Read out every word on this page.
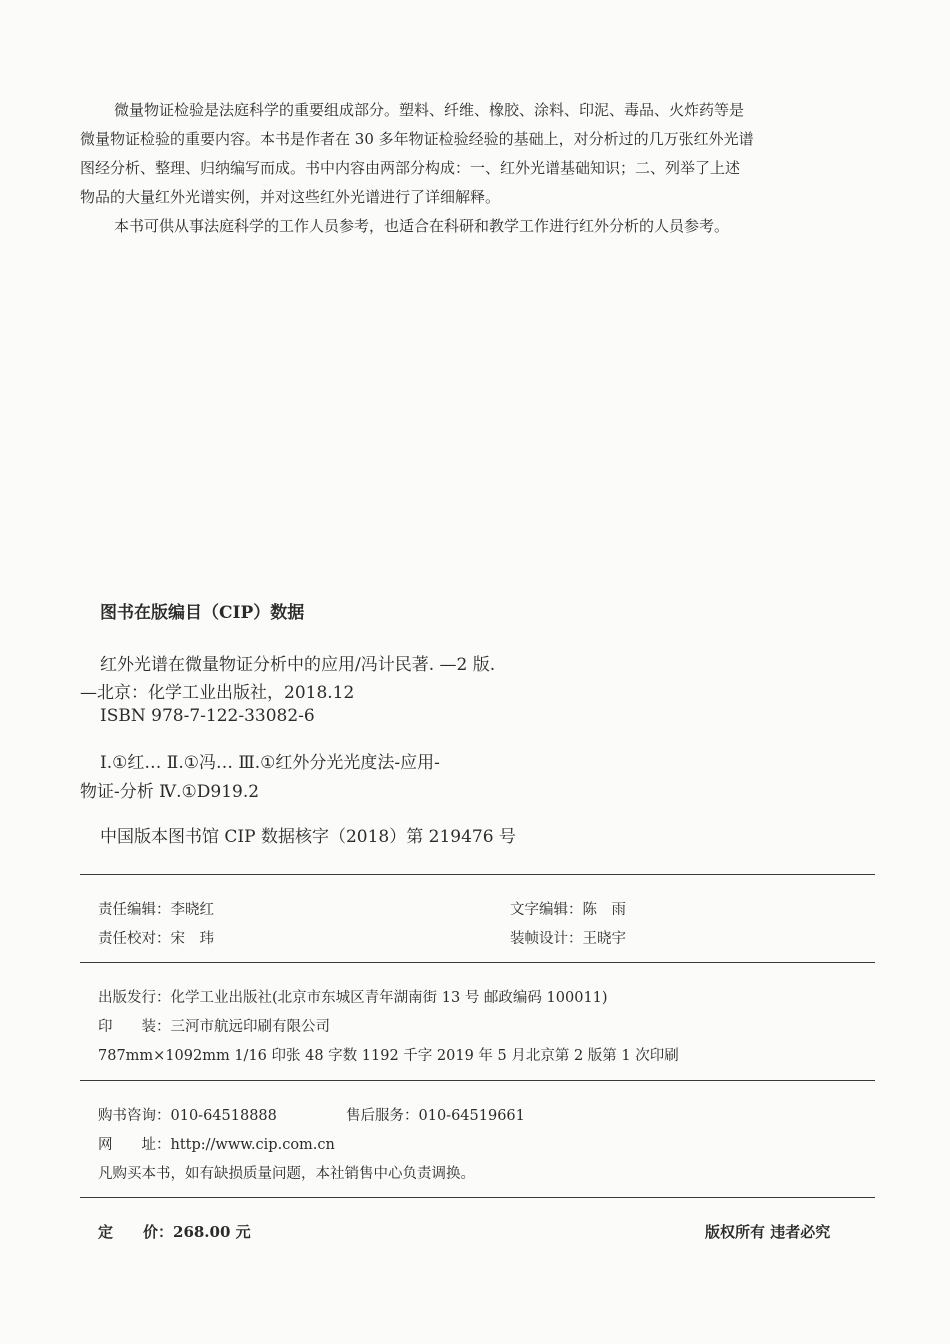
微量物证检验是法庭科学的重要组成部分。塑料、纤维、橡胶、涂料、印泥、毒品、火炸药等是

微量物证检验的重要内容。本书是作者在 30 多年物证检验经验的基础上，对分析过的几万张红外光谱

图经分析、整理、归纳编写而成。书中内容由两部分构成：一、红外光谱基础知识；二、列举了上述

物品的大量红外光谱实例，并对这些红外光谱进行了详细解释。

本书可供从事法庭科学的工作人员参考，也适合在科研和教学工作进行红外分析的人员参考。

图书在版编目（CIP）数据
红外光谱在微量物证分析中的应用/冯计民著. —2 版.
—北京：化学工业出版社，2018.12
ISBN 978-7-122-33082-6
Ⅰ.①红… Ⅱ.①冯… Ⅲ.①红外分光光度法-应用-
物证-分析 Ⅳ.①D919.2
中国版本图书馆 CIP 数据核字（2018）第 219476 号
责任编辑：李晓红	文字编辑：陈　雨
责任校对：宋　玮	装帧设计：王晓宇
出版发行：化学工业出版社(北京市东城区青年湖南街 13 号 邮政编码 100011)
印　　装：三河市航远印刷有限公司
787mm×1092mm 1/16 印张 48 字数 1192 千字 2019 年 5 月北京第 2 版第 1 次印刷
购书咨询：010-64518888	售后服务：010-64519661
网　　址：http://www.cip.com.cn
凡购买本书，如有缺损质量问题，本社销售中心负责调换。
定　　价：268.00 元	版权所有 违者必究
